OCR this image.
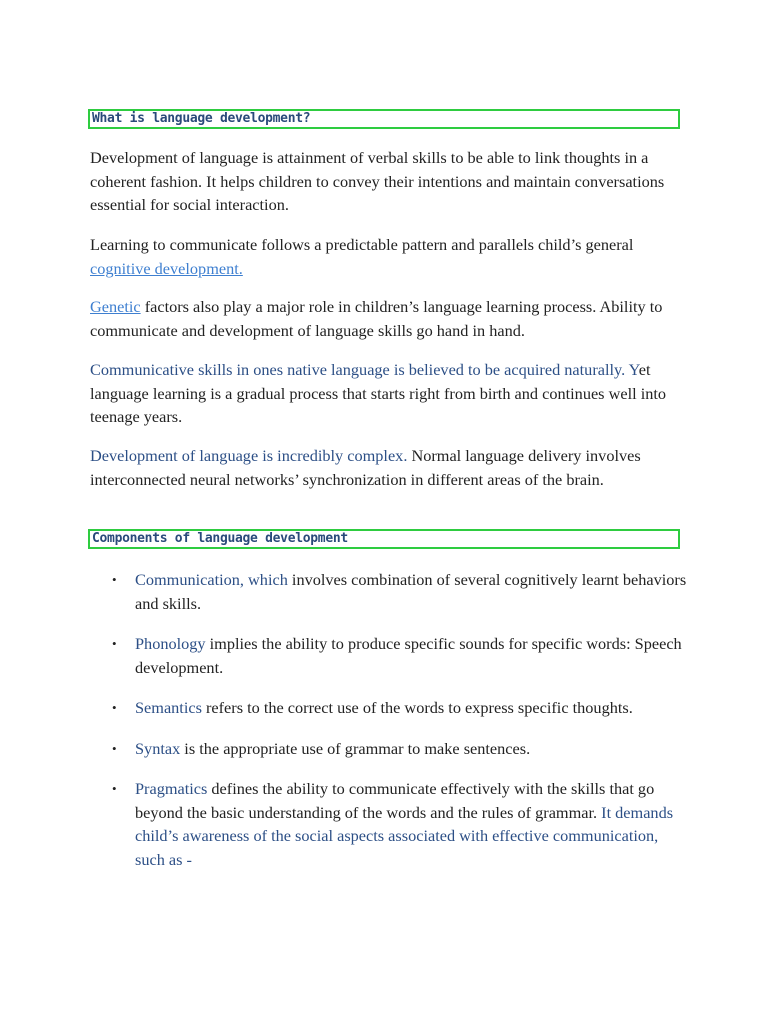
What is language development?

Development of language is attainment of verbal skills to be able to link thoughts in a coherent fashion. It helps children to convey their intentions and maintain conversations essential for social interaction.

Learning to communicate follows a predictable pattern and parallels child’s general cognitive development.

Genetic factors also play a major role in children’s language learning process. Ability to communicate and development of language skills go hand in hand.

Communicative skills in ones native language is believed to be acquired naturally. Yet language learning is a gradual process that starts right from birth and continues well into teenage years.

Development of language is incredibly complex. Normal language delivery involves interconnected neural networks’ synchronization in different areas of the brain.

Components of language development
• Communication, which involves combination of several cognitively learnt behaviors and skills.
• Phonology implies the ability to produce specific sounds for specific words: Speech development.
• Semantics refers to the correct use of the words to express specific thoughts.
• Syntax is the appropriate use of grammar to make sentences.
• Pragmatics defines the ability to communicate effectively with the skills that go beyond the basic understanding of the words and the rules of grammar. It demands child’s awareness of the social aspects associated with effective communication, such as -
